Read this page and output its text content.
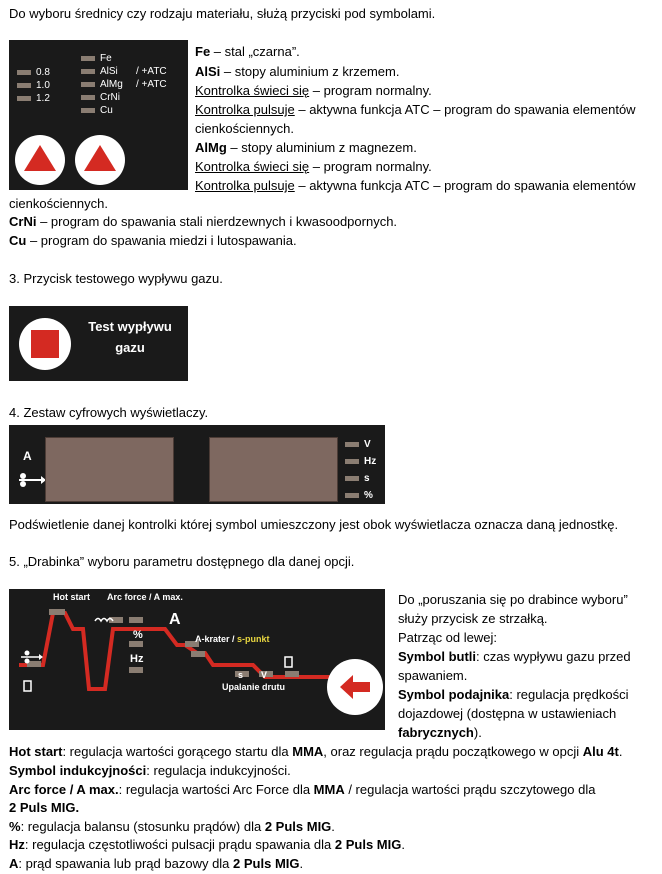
Do wyboru średnicy czy rodzaju materiału, służą przyciski pod symbolami.
0.8
1.0
1.2
Fe
AlSi
AlMg
CrNi
Cu
/ +ATC
/ +ATC
Fe – stal „czarna”.
AlSi – stopy aluminium z krzemem.
Kontrolka świeci się – program normalny.
Kontrolka pulsuje – aktywna funkcja ATC – program do spawania elementów
cienkościennych.
AlMg – stopy aluminium z magnezem.
Kontrolka świeci się – program normalny.
Kontrolka pulsuje – aktywna funkcja ATC – program do spawania elementów
cienkościennych.
CrNi – program do spawania stali nierdzewnych i kwasoodpornych.
Cu – program do spawania miedzi i lutospawania.
3. Przycisk testowego wypływu gazu.
Test wypływu
gazu
4. Zestaw cyfrowych wyświetlaczy.
A
V
Hz
s
%
Podświetlenie danej kontrolki której symbol umieszczony jest obok wyświetlacza oznacza daną jednostkę.
5. „Drabinka” wyboru parametru dostępnego dla danej opcji.
Hot start Arc force / A max.
%
Hz
A
A-krater / s-punkt
s V
Upalanie drutu
Do „poruszania się po drabince wyboru”
służy przycisk ze strzałką.
Patrząc od lewej:
Symbol butli: czas wypływu gazu przed
spawaniem.
Symbol podajnika: regulacja prędkości
dojazdowej (dostępna w ustawieniach
fabrycznych).
Hot start: regulacja wartości gorącego startu dla MMA, oraz regulacja prądu początkowego w opcji Alu 4t.
Symbol indukcyjności: regulacja indukcyjności.
Arc force / A max.: regulacja wartości Arc Force dla MMA / regulacja wartości prądu szczytowego dla
2 Puls MIG.
%: regulacja balansu (stosunku prądów) dla 2 Puls MIG.
Hz: regulacja częstotliwości pulsacji prądu spawania dla 2 Puls MIG.
A: prąd spawania lub prąd bazowy dla 2 Puls MIG.
